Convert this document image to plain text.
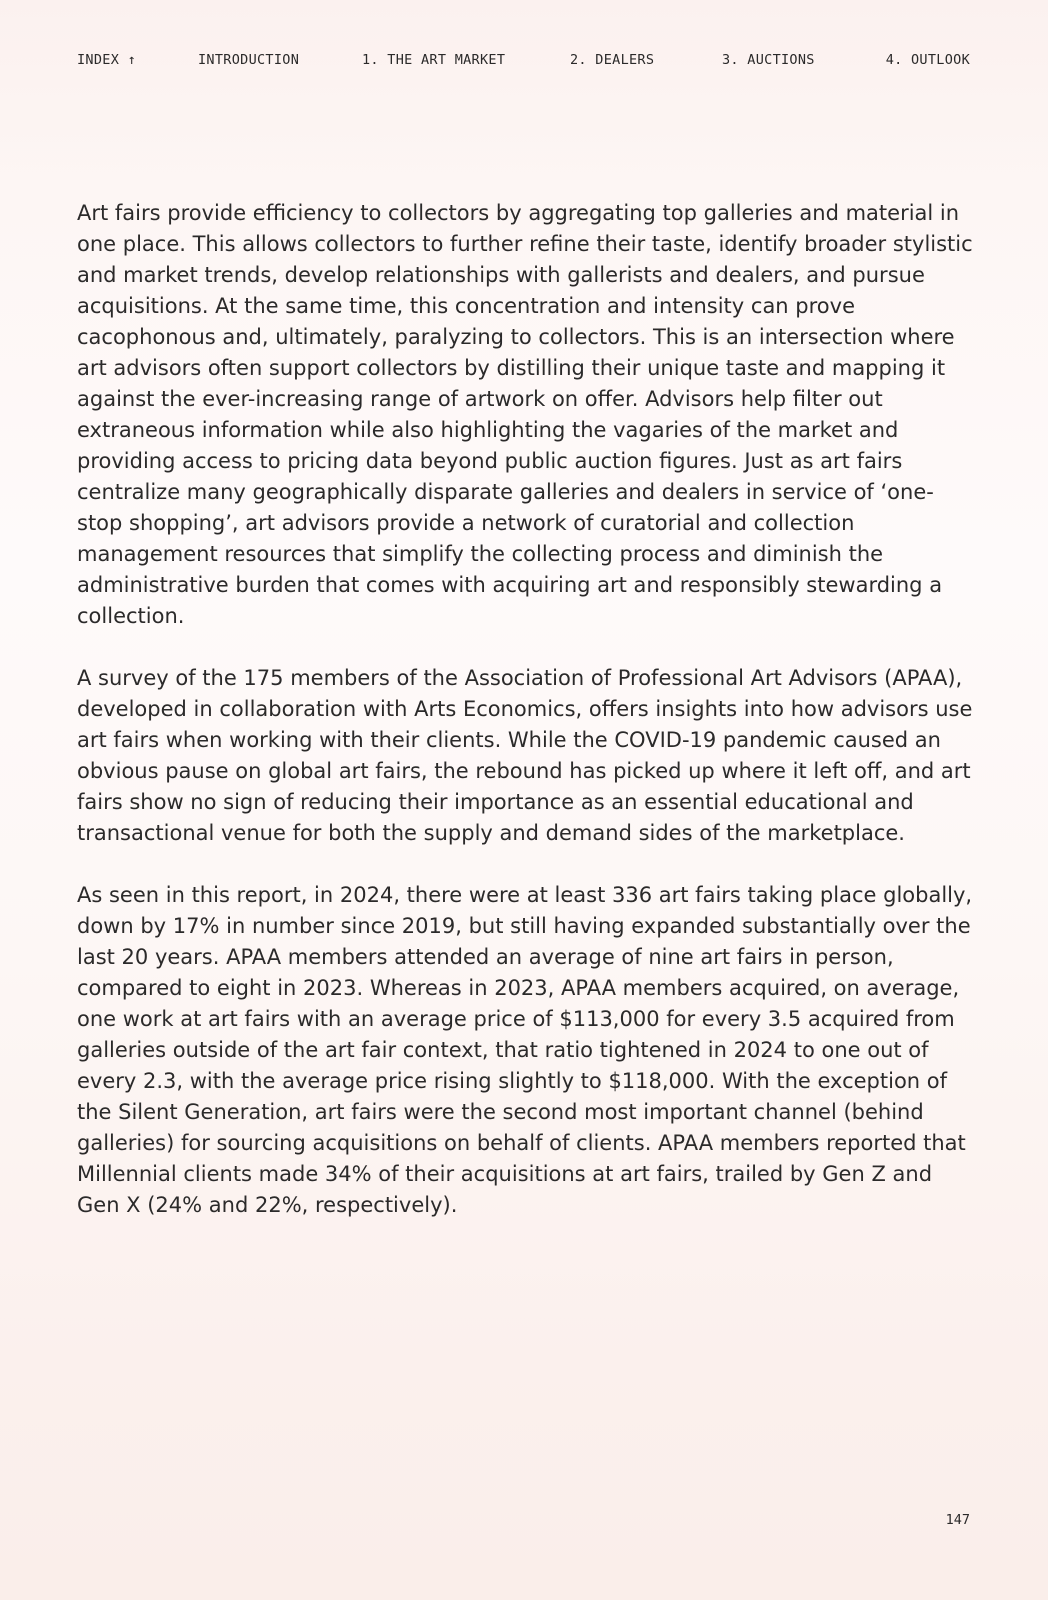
INDEX ↑	INTRODUCTION	1. THE ART MARKET	2. DEALERS	3. AUCTIONS	4. OUTLOOK

Art fairs provide efficiency to collectors by aggregating top galleries and material in one place. This allows collectors to further refine their taste, identify broader stylistic and market trends, develop relationships with gallerists and dealers, and pursue acquisitions. At the same time, this concentration and intensity can prove cacophonous and, ultimately, paralyzing to collectors. This is an intersection where art advisors often support collectors by distilling their unique taste and mapping it against the ever-increasing range of artwork on offer. Advisors help filter out extraneous information while also highlighting the vagaries of the market and providing access to pricing data beyond public auction figures. Just as art fairs centralize many geographically disparate galleries and dealers in service of ‘one-stop shopping’, art advisors provide a network of curatorial and collection management resources that simplify the collecting process and diminish the administrative burden that comes with acquiring art and responsibly stewarding a collection.

A survey of the 175 members of the Association of Professional Art Advisors (APAA), developed in collaboration with Arts Economics, offers insights into how advisors use art fairs when working with their clients. While the COVID-19 pandemic caused an obvious pause on global art fairs, the rebound has picked up where it left off, and art fairs show no sign of reducing their importance as an essential educational and transactional venue for both the supply and demand sides of the marketplace.

As seen in this report, in 2024, there were at least 336 art fairs taking place globally, down by 17% in number since 2019, but still having expanded substantially over the last 20 years. APAA members attended an average of nine art fairs in person, compared to eight in 2023. Whereas in 2023, APAA members acquired, on average, one work at art fairs with an average price of $113,000 for every 3.5 acquired from galleries outside of the art fair context, that ratio tightened in 2024 to one out of every 2.3, with the average price rising slightly to $118,000. With the exception of the Silent Generation, art fairs were the second most important channel (behind galleries) for sourcing acquisitions on behalf of clients. APAA members reported that Millennial clients made 34% of their acquisitions at art fairs, trailed by Gen Z and Gen X (24% and 22%, respectively).

147
